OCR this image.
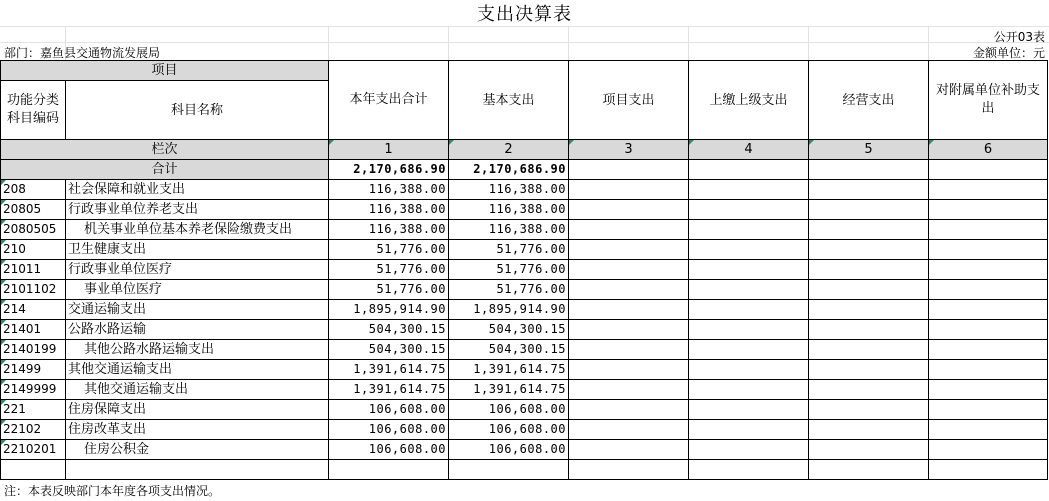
支出决算表
公开03表
部门：嘉鱼县交通物流发展局	金额单位：元
项目		本年支出合计	基本支出	项目支出	上缴上级支出	经营支出	对附属单位补助支出
功能分类科目编码	科目名称						
栏次		1	2	3	4	5	6
合计		2,170,686.90	2,170,686.90				
208	社会保障和就业支出	116,388.00	116,388.00				
20805	行政事业单位养老支出	116,388.00	116,388.00				
2080505	机关事业单位基本养老保险缴费支出	116,388.00	116,388.00				
210	卫生健康支出	51,776.00	51,776.00				
21011	行政事业单位医疗	51,776.00	51,776.00				
2101102	事业单位医疗	51,776.00	51,776.00				
214	交通运输支出	1,895,914.90	1,895,914.90				
21401	公路水路运输	504,300.15	504,300.15				
2140199	其他公路水路运输支出	504,300.15	504,300.15				
21499	其他交通运输支出	1,391,614.75	1,391,614.75				
2149999	其他交通运输支出	1,391,614.75	1,391,614.75				
221	住房保障支出	106,608.00	106,608.00				
22102	住房改革支出	106,608.00	106,608.00				
2210201	住房公积金	106,608.00	106,608.00				

注：本表反映部门本年度各项支出情况。
